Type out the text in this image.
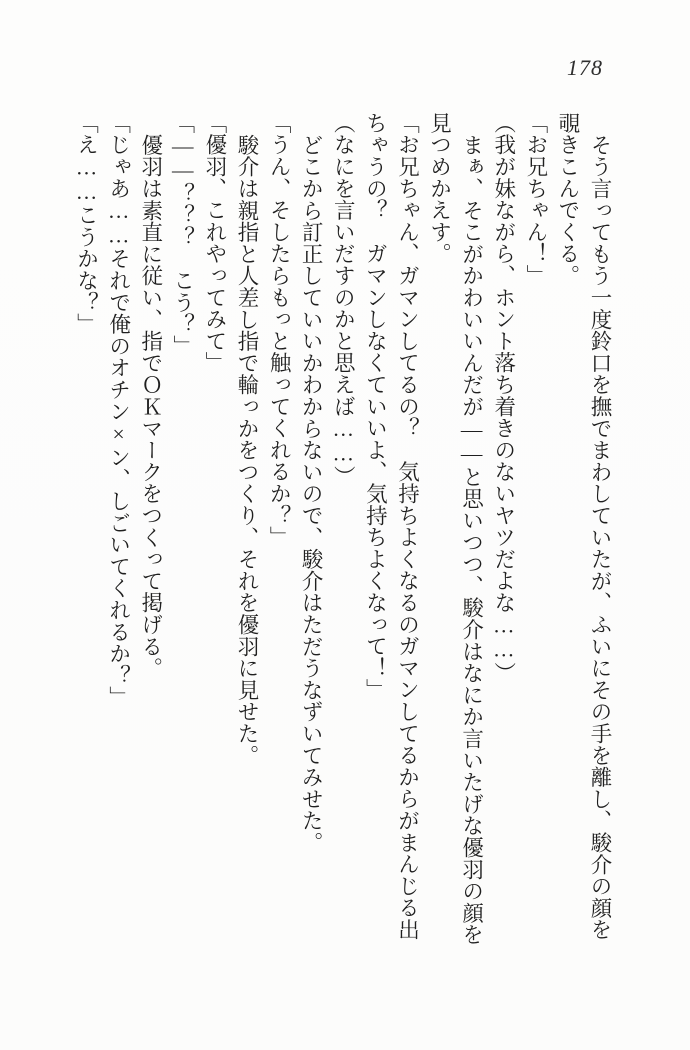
178

そう言ってもう一度鈴口を撫でまわしていたが、ふいにその手を離し、駿介の顔を

覗きこんでくる。

「お兄ちゃん！」

（我が妹ながら、ホント落ち着きのないヤツだよな……）

まぁ、そこがかわいいんだが――と思いつつ、駿介はなにか言いたげな優羽の顔を

見つめかえす。

「お兄ちゃん、ガマンしてるの？　気持ちよくなるのガマンしてるからがまんじる出

ちゃうの？　ガマンしなくていいよ、気持ちよくなって！」

（なにを言いだすのかと思えば……）

どこから訂正していいかわからないので、駿介はただうなずいてみせた。

「うん、そしたらもっと触ってくれるか？」

駿介は親指と人差し指で輪っかをつくり、それを優羽に見せた。

「優羽、これやってみて」

「――？？？　こう？」

優羽は素直に従い、指でＯＫマークをつくって掲げる。

「じゃあ……それで俺のオチン×ン、しごいてくれるか？」

「え……こうかな？」
